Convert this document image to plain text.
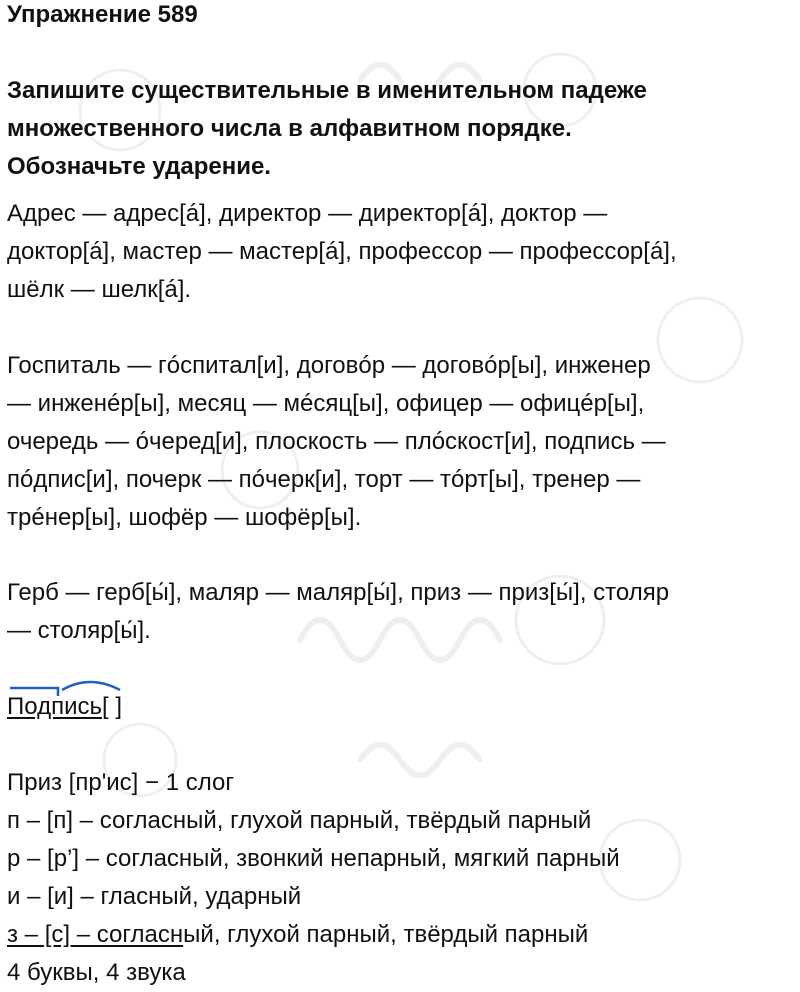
Упражнение 589
Запишите существительные в именительном падеже
множественного числа в алфавитном порядке.
Обозначьте ударение.
Адрес — адрес[á], директор — директор[á], доктор —
доктор[á], мастер — мастер[á], профессор — профессор[á],
шёлк — шелк[á].
Госпиталь — гóспитал[и], договóр — договóр[ы], инженер
— инженéр[ы], месяц — мéсяц[ы], офицер — офицéр[ы],
очередь — óчеред[и], плоскость — плóскост[и], подпись —
пóдпис[и], почерк — пóчерк[и], торт — тóрт[ы], тренер —
трéнер[ы], шофёр — шофёр[ы].
Герб — герб[ы́], маляр — маляр[ы́], приз — приз[ы́], столяр
— столяр[ы́].
Подпись[ ]
Приз [пр'ис] − 1 слог
п – [п] – согласный, глухой парный, твёрдый парный
р – [р’] – согласный, звонкий непарный, мягкий парный
и – [и] – гласный, ударный
з – [с] – согласный, глухой парный, твёрдый парный
4 буквы, 4 звука
